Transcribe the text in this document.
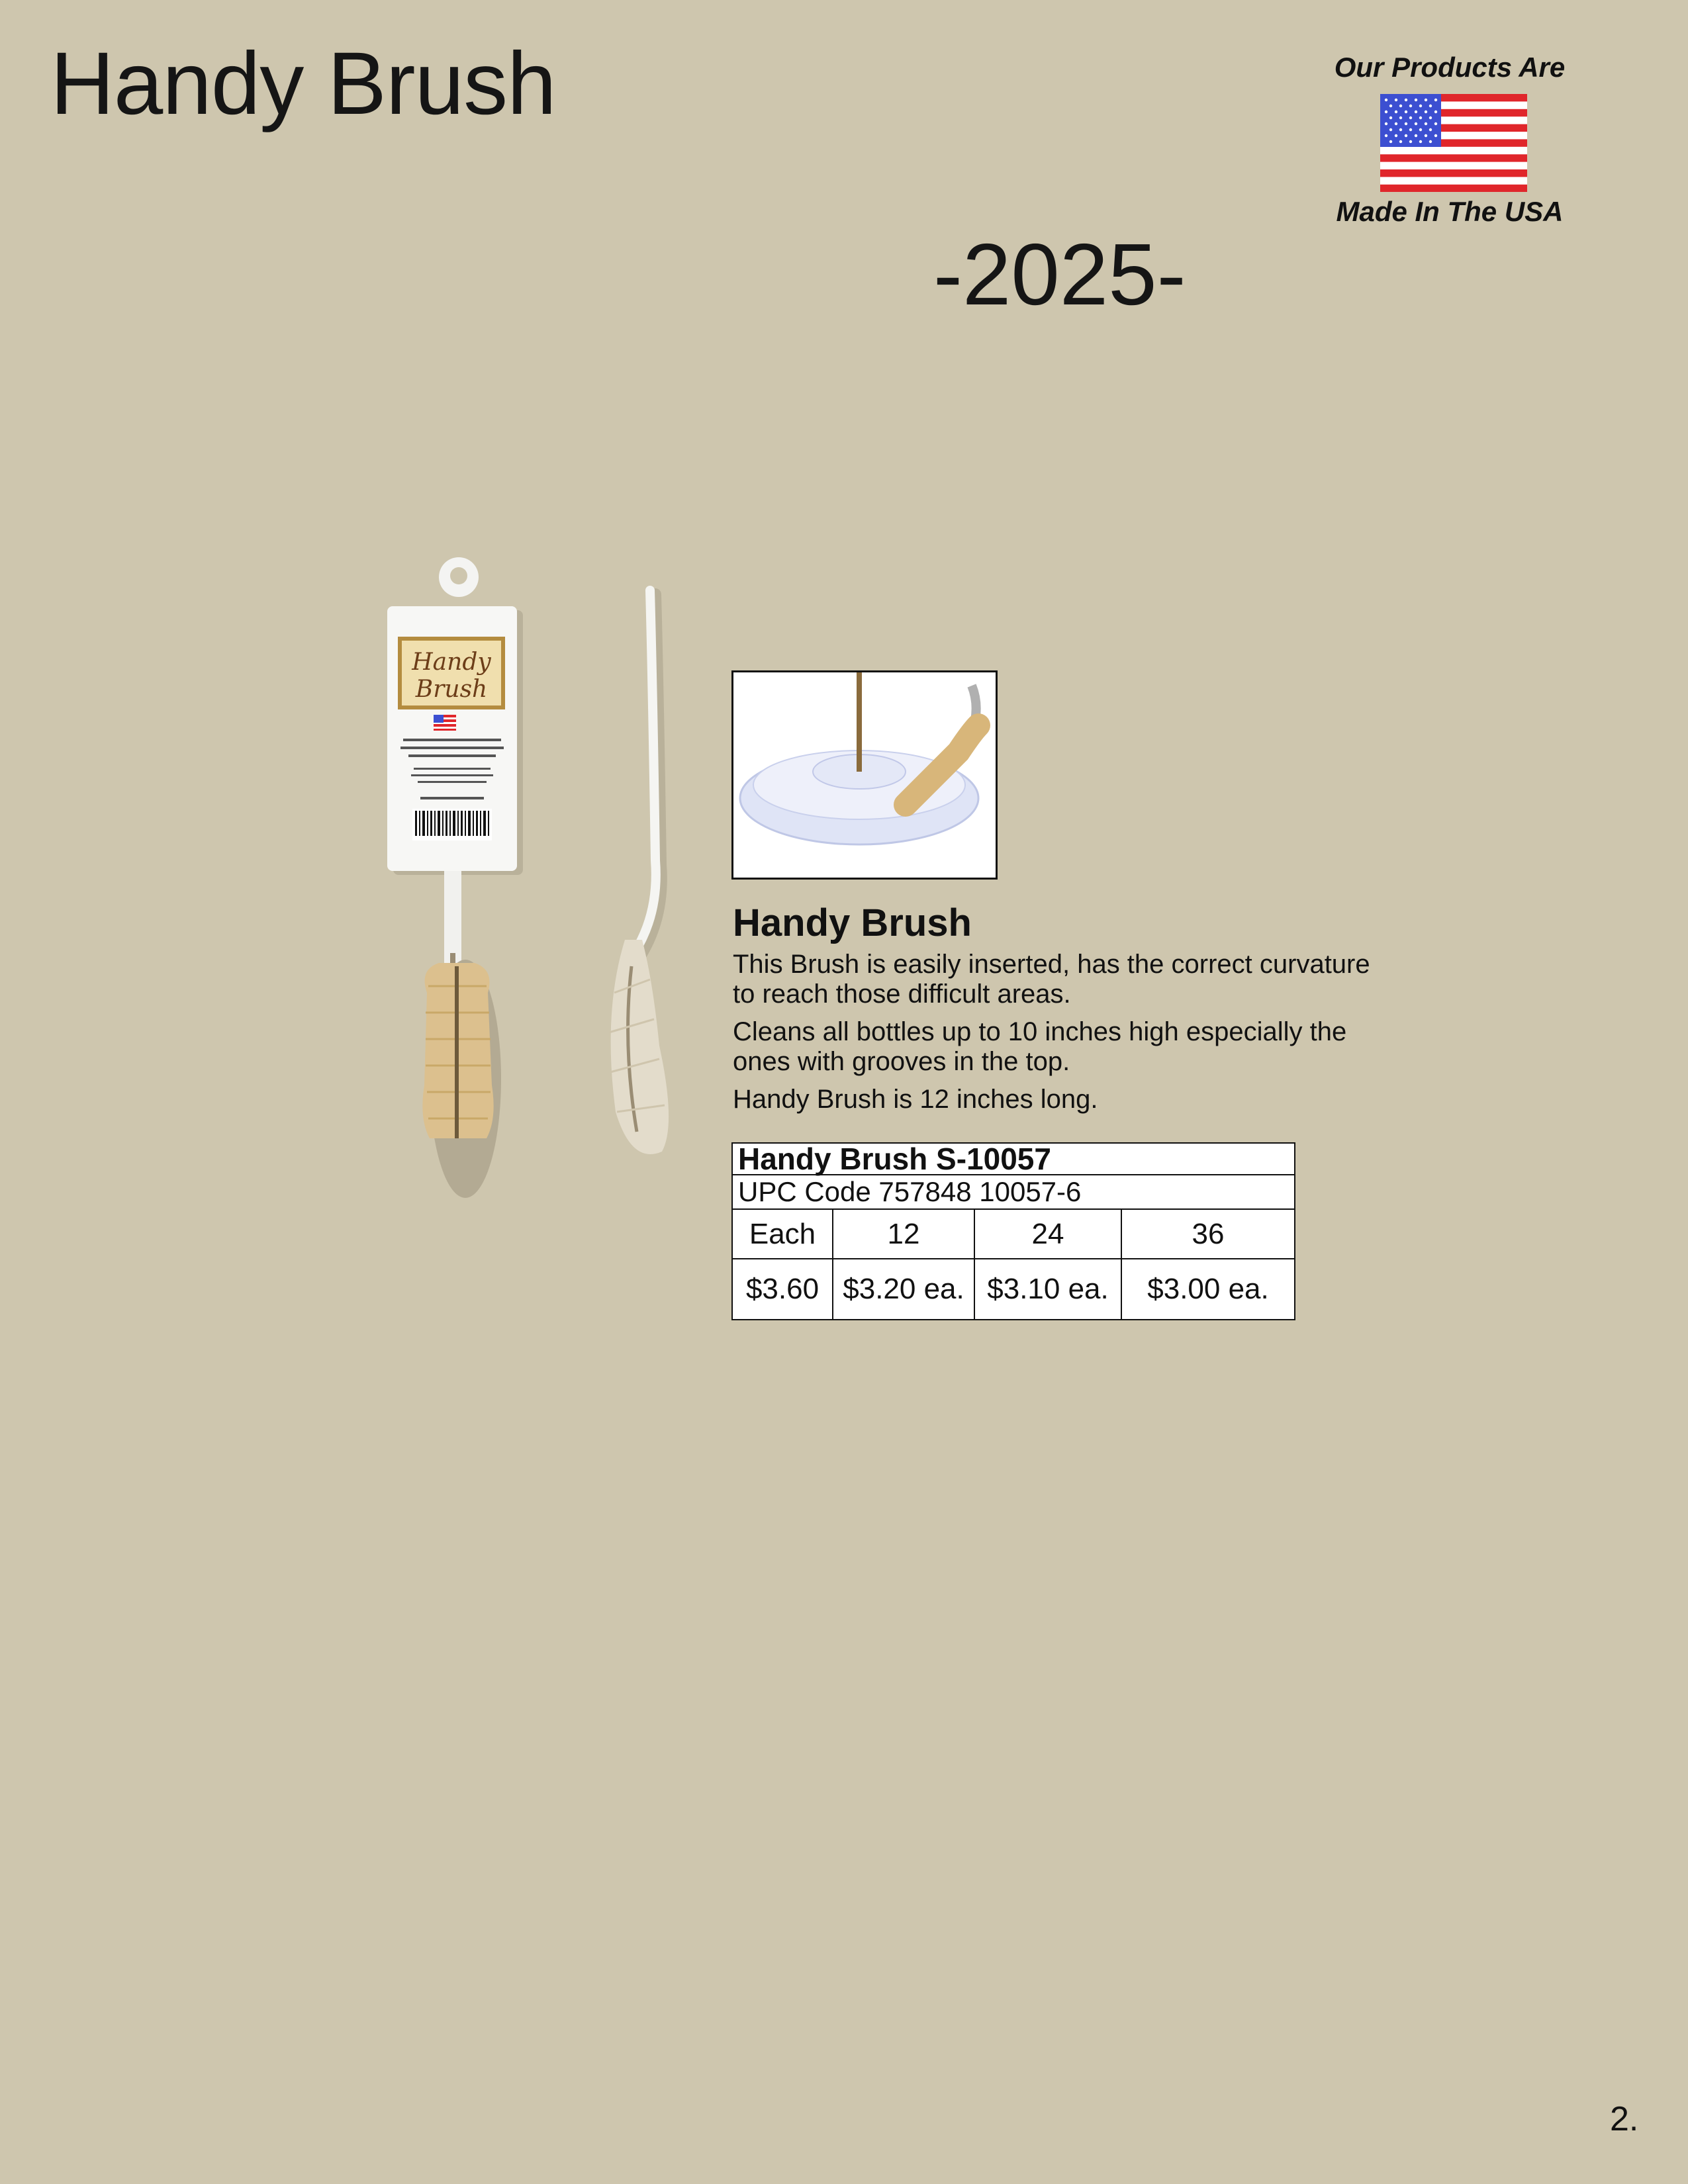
Handy Brush	Our Products Are
Made In The USA
-2025-
Handy
Brush
Handy Brush

This Brush is easily inserted, has the correct curvature to reach those difficult areas.

Cleans all bottles up to 10 inches high especially the ones with grooves in the top.

Handy Brush is 12 inches long.

Handy Brush S-10057			
UPC Code 757848 10057-6			
Each	12	24	36
$3.60	$3.20 ea.	$3.10 ea.	$3.00 ea.
2.
